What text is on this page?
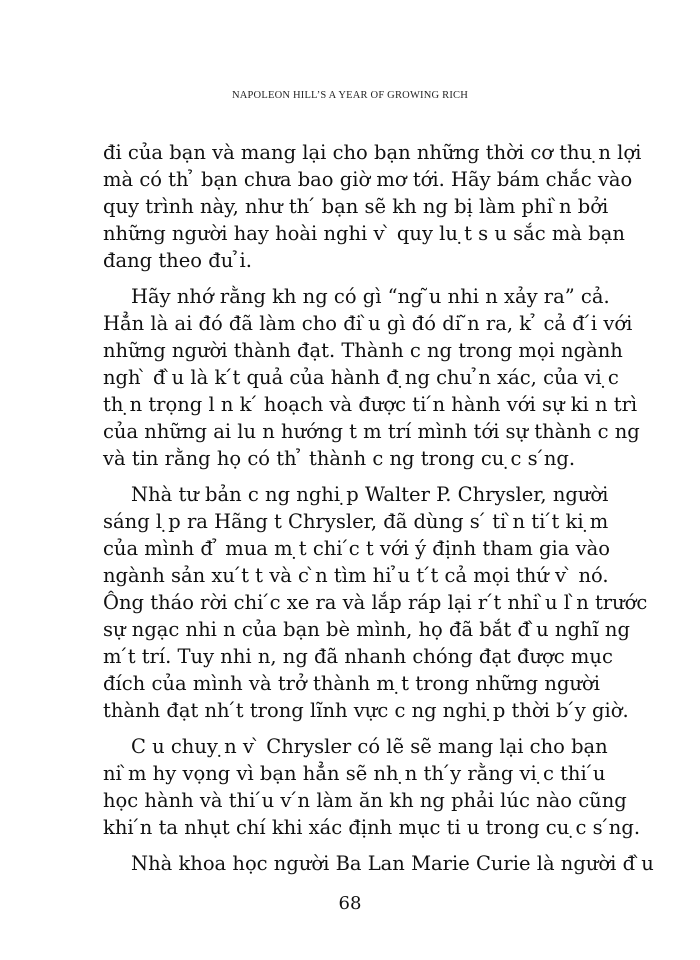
NAPOLEON HILL’S A YEAR OF GROWING RICH
đi của bạn và mang lại cho bạn những thời cơ thu ̣n lợi
mà có th ̉ bạn chưa bao giờ mơ tới. Hãy bám chắc vào
quy trình này, như th ́ bạn sẽ kh ng bị làm phi ̀n bởi
những người hay hoài nghi v ̀ quy lu ̣t s u sắc mà bạn
đang theo đu ̉i.
Hãy nhớ rằng kh ng có gì “ng ̃u nhi n xảy ra” cả.
Hẳn là ai đó đã làm cho đi ̀u gì đó di ̃n ra, k ̉ cả đ ́i với
những người thành đạt. Thành c ng trong mọi ngành
ngh ̀ đ ̀u là k ́t quả của hành đ ̣ng chu ̉n xác, của vi ̣c
th ̣n trọng l n k ́ hoạch và được ti ́n hành với sự ki n trì
của những ai lu n hướng t m trí mình tới sự thành c ng
và tin rằng họ có th ̉ thành c ng trong cu ̣c s ́ng.
Nhà tư bản c ng nghi ̣p Walter P. Chrysler, người
sáng l ̣p ra Hãng t Chrysler, đã dùng s ́ ti ̀n ti ́t ki ̣m
của mình đ ̉ mua m ̣t chi ́c t với ý định tham gia vào
ngành sản xu ́t t và c ̀n tìm hi ̉u t ́t cả mọi thứ v ̀ nó.
Ông tháo rời chi ́c xe ra và lắp ráp lại r ́t nhi ̀u l ̀n trước
sự ngạc nhi n của bạn bè mình, họ đã bắt đ ̀u nghĩ ng
m ́t trí. Tuy nhi n, ng đã nhanh chóng đạt được mục
đích của mình và trở thành m ̣t trong những người
thành đạt nh ́t trong lĩnh vực c ng nghi ̣p thời b ́y giờ.
C u chuy ̣n v ̀ Chrysler có lẽ sẽ mang lại cho bạn
ni ̀m hy vọng vì bạn hẳn sẽ nh ̣n th ́y rằng vi ̣c thi ́u
học hành và thi ́u v ́n làm ăn kh ng phải lúc nào cũng
khi ́n ta nhụt chí khi xác định mục ti u trong cu ̣c s ́ng.
Nhà khoa học người Ba Lan Marie Curie là người đ ̀u
68
